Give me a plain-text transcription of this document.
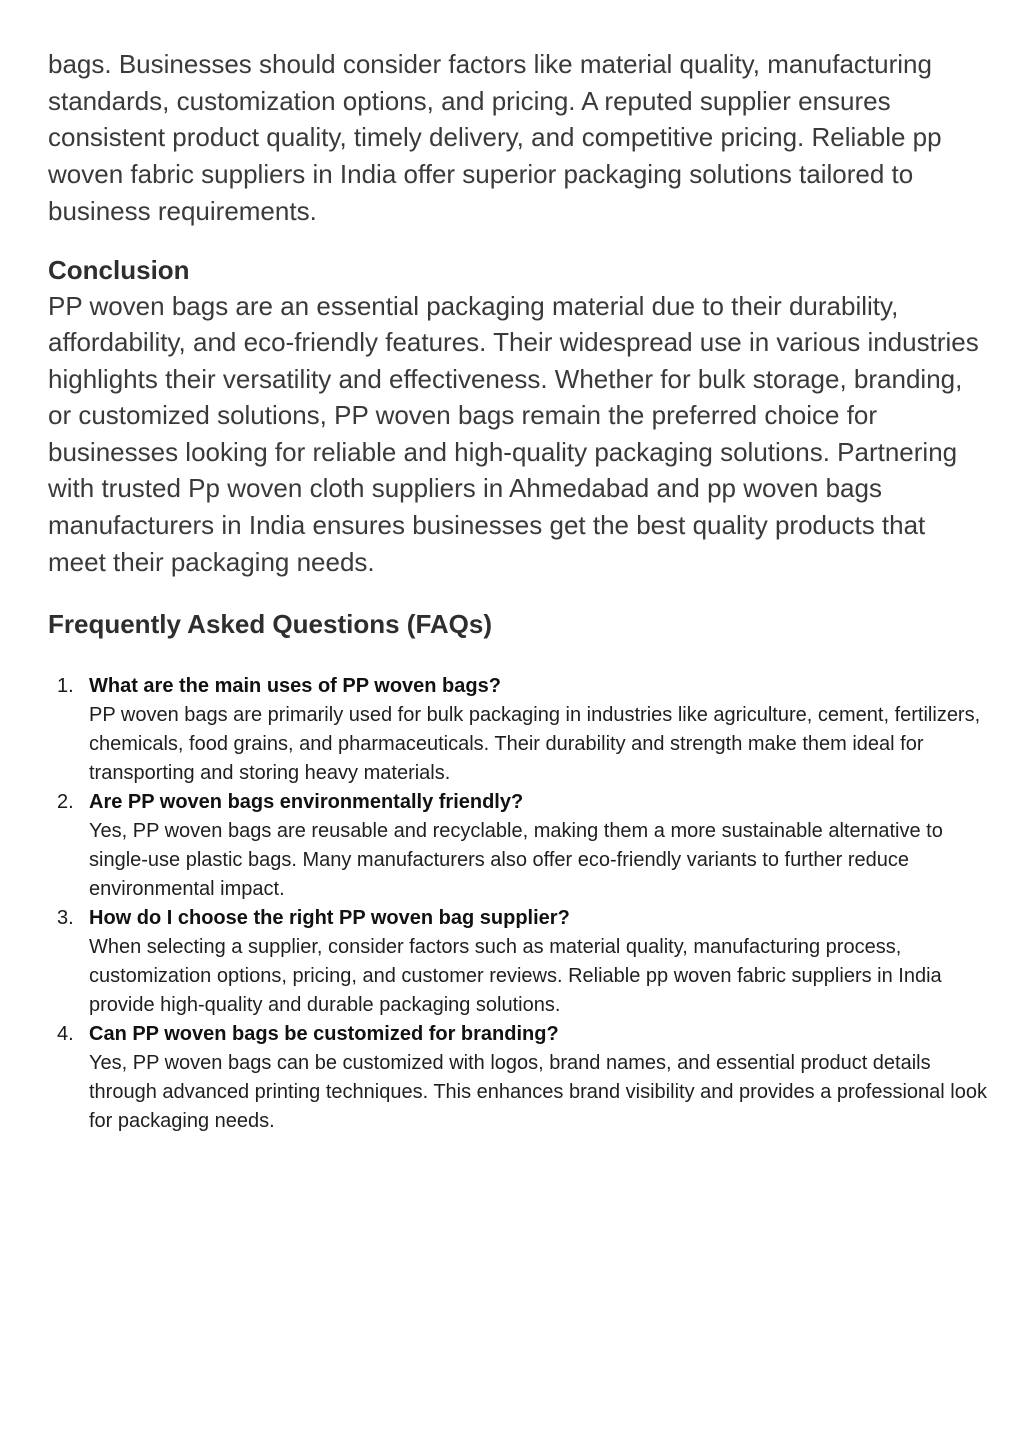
bags. Businesses should consider factors like material quality, manufacturing standards, customization options, and pricing. A reputed supplier ensures consistent product quality, timely delivery, and competitive pricing. Reliable pp woven fabric suppliers in India offer superior packaging solutions tailored to business requirements.

Conclusion

PP woven bags are an essential packaging material due to their durability, affordability, and eco-friendly features. Their widespread use in various industries highlights their versatility and effectiveness. Whether for bulk storage, branding, or customized solutions, PP woven bags remain the preferred choice for businesses looking for reliable and high-quality packaging solutions. Partnering with trusted Pp woven cloth suppliers in Ahmedabad and pp woven bags manufacturers in India ensures businesses get the best quality products that meet their packaging needs.

Frequently Asked Questions (FAQs)
1. What are the main uses of PP woven bags?
PP woven bags are primarily used for bulk packaging in industries like agriculture, cement, fertilizers, chemicals, food grains, and pharmaceuticals. Their durability and strength make them ideal for transporting and storing heavy materials.
2. Are PP woven bags environmentally friendly?
Yes, PP woven bags are reusable and recyclable, making them a more sustainable alternative to single-use plastic bags. Many manufacturers also offer eco-friendly variants to further reduce environmental impact.
3. How do I choose the right PP woven bag supplier?
When selecting a supplier, consider factors such as material quality, manufacturing process, customization options, pricing, and customer reviews. Reliable pp woven fabric suppliers in India provide high-quality and durable packaging solutions.
4. Can PP woven bags be customized for branding?
Yes, PP woven bags can be customized with logos, brand names, and essential product details through advanced printing techniques. This enhances brand visibility and provides a professional look for packaging needs.
